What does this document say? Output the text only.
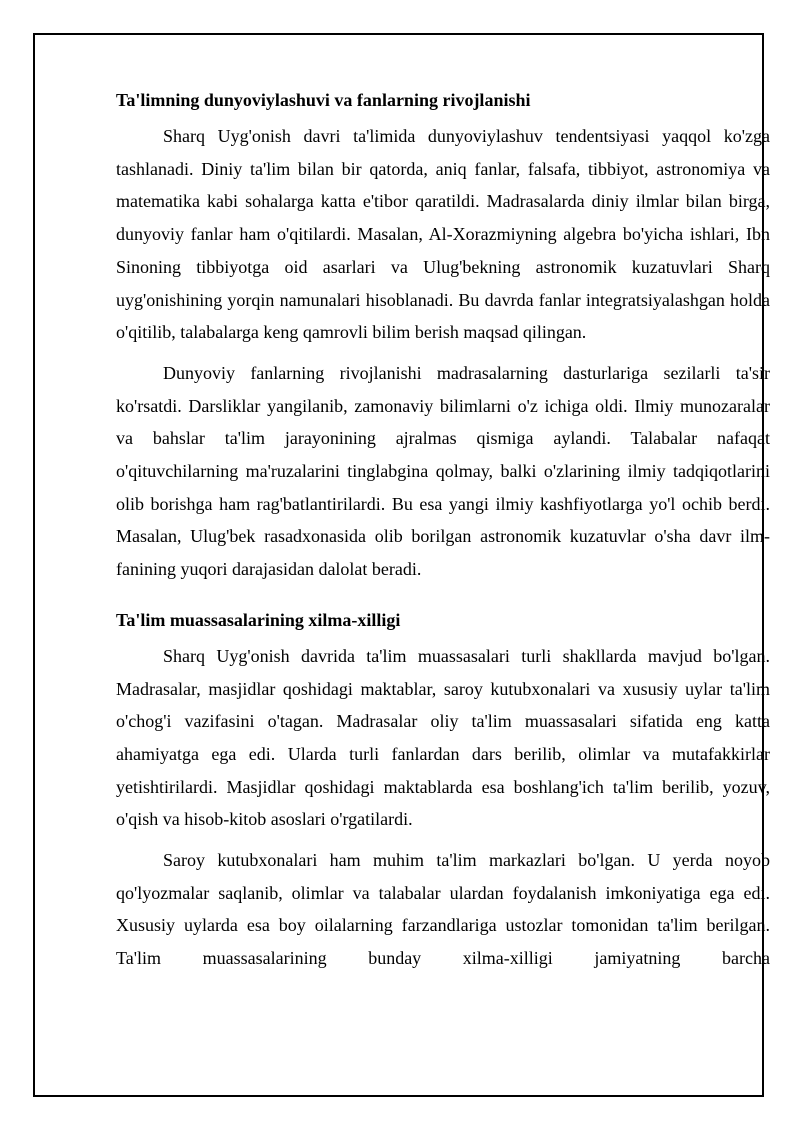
Ta'limning dunyoviylashuvi va fanlarning rivojlanishi

Sharq Uyg'onish davri ta'limida dunyoviylashuv tendentsiyasi yaqqol ko'zga tashlanadi. Diniy ta'lim bilan bir qatorda, aniq fanlar, falsafa, tibbiyot, astronomiya va matematika kabi sohalarga katta e'tibor qaratildi. Madrasalarda diniy ilmlar bilan birga, dunyoviy fanlar ham o'qitilardi. Masalan, Al-Xorazmiyning algebra bo'yicha ishlari, Ibn Sinoning tibbiyotga oid asarlari va Ulug'bekning astronomik kuzatuvlari Sharq uyg'onishining yorqin namunalari hisoblanadi. Bu davrda fanlar integratsiyalashgan holda o'qitilib, talabalarga keng qamrovli bilim berish maqsad qilingan.

Dunyoviy fanlarning rivojlanishi madrasalarning dasturlariga sezilarli ta'sir ko'rsatdi. Darsliklar yangilanib, zamonaviy bilimlarni o'z ichiga oldi. Ilmiy munozaralar va bahslar ta'lim jarayonining ajralmas qismiga aylandi. Talabalar nafaqat o'qituvchilarning ma'ruzalarini tinglabgina qolmay, balki o'zlarining ilmiy tadqiqotlarini olib borishga ham rag'batlantirilardi. Bu esa yangi ilmiy kashfiyotlarga yo'l ochib berdi. Masalan, Ulug'bek rasadxonasida olib borilgan astronomik kuzatuvlar o'sha davr ilm-fanining yuqori darajasidan dalolat beradi.

Ta'lim muassasalarining xilma-xilligi

Sharq Uyg'onish davrida ta'lim muassasalari turli shakllarda mavjud bo'lgan. Madrasalar, masjidlar qoshidagi maktablar, saroy kutubxonalari va xususiy uylar ta'lim o'chog'i vazifasini o'tagan. Madrasalar oliy ta'lim muassasalari sifatida eng katta ahamiyatga ega edi. Ularda turli fanlardan dars berilib, olimlar va mutafakkirlar yetishtirilardi. Masjidlar qoshidagi maktablarda esa boshlang'ich ta'lim berilib, yozuv, o'qish va hisob-kitob asoslari o'rgatilardi.

Saroy kutubxonalari ham muhim ta'lim markazlari bo'lgan. U yerda noyob qo'lyozmalar saqlanib, olimlar va talabalar ulardan foydalanish imkoniyatiga ega edi. Xususiy uylarda esa boy oilalarning farzandlariga ustozlar tomonidan ta'lim berilgan. Ta'lim muassasalarining bunday xilma-xilligi jamiyatning barcha
